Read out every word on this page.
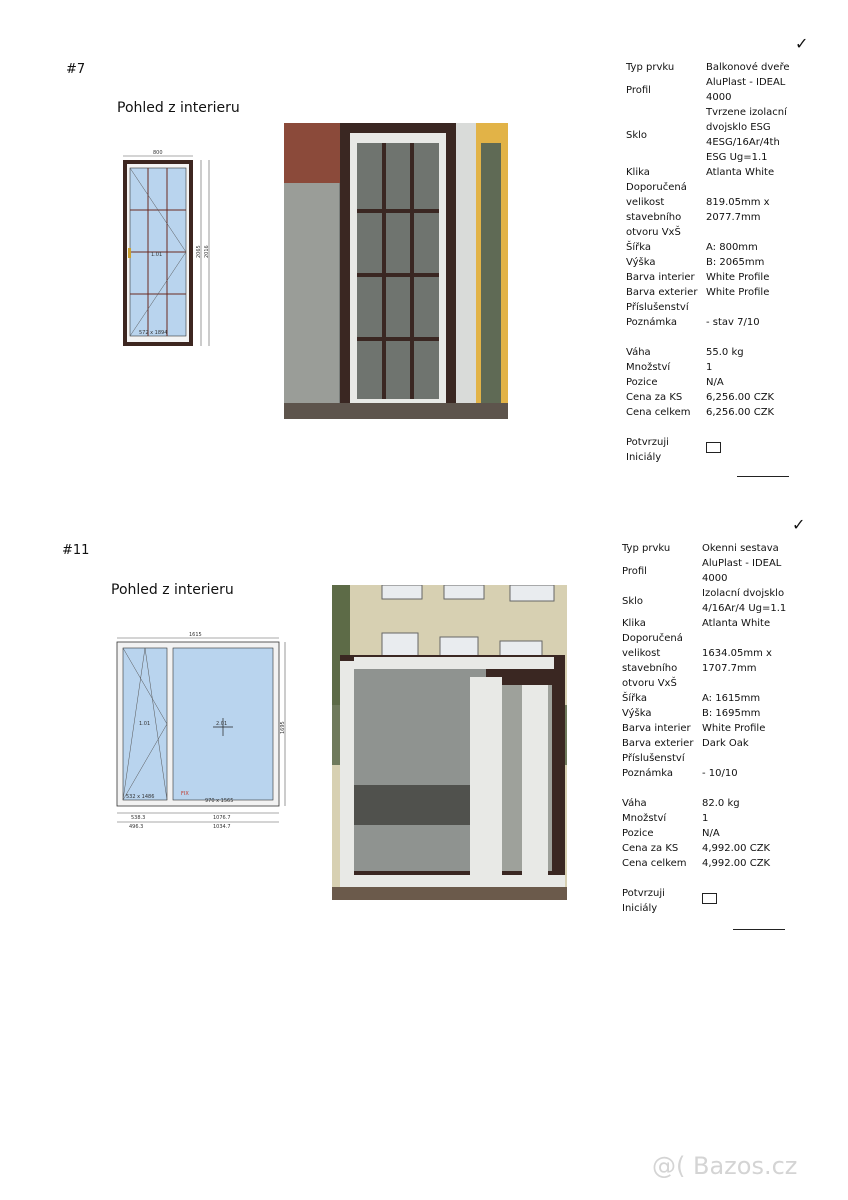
#7
Pohled z interieru
✓
800
1.01
572 x 1894
2065 2016
Typ prvku	Balkonové dveře
Profil	AluPlast - IDEAL 4000
Sklo	Tvrzene izolacní dvojsklo ESG 4ESG/16Ar/4th ESG Ug=1.1
Klika	Atlanta White
Doporučená velikost stavebního otvoru VxŠ	819.05mm x 2077.7mm
Šířka	A: 800mm
Výška	B: 2065mm
Barva interier	White Profile
Barva exterier	White Profile
Příslušenství	
Poznámka	- stav 7/10

Váha	55.0 kg
Množství	1
Pozice	N/A
Cena za KS	6,256.00 CZK
Cena celkem	6,256.00 CZK

Potvrzuji Iniciály	
#11
Pohled z interieru
✓
1615
1.01	2.01
532 x 1486	FIX
970 x 1565
1695
538.3	1076.7
496.3	1034.7
Typ prvku	Okenni sestava
Profil	AluPlast - IDEAL 4000
Sklo	Izolacní dvojsklo 4/16Ar/4 Ug=1.1
Klika	Atlanta White
Doporučená velikost stavebního otvoru VxŠ	1634.05mm x 1707.7mm
Šířka	A: 1615mm
Výška	B: 1695mm
Barva interier	White Profile
Barva exterier	Dark Oak
Příslušenství	
Poznámka	- 10/10

Váha	82.0 kg
Množství	1
Pozice	N/A
Cena za KS	4,992.00 CZK
Cena celkem	4,992.00 CZK

Potvrzuji Iniciály	
@( Bazos.cz
